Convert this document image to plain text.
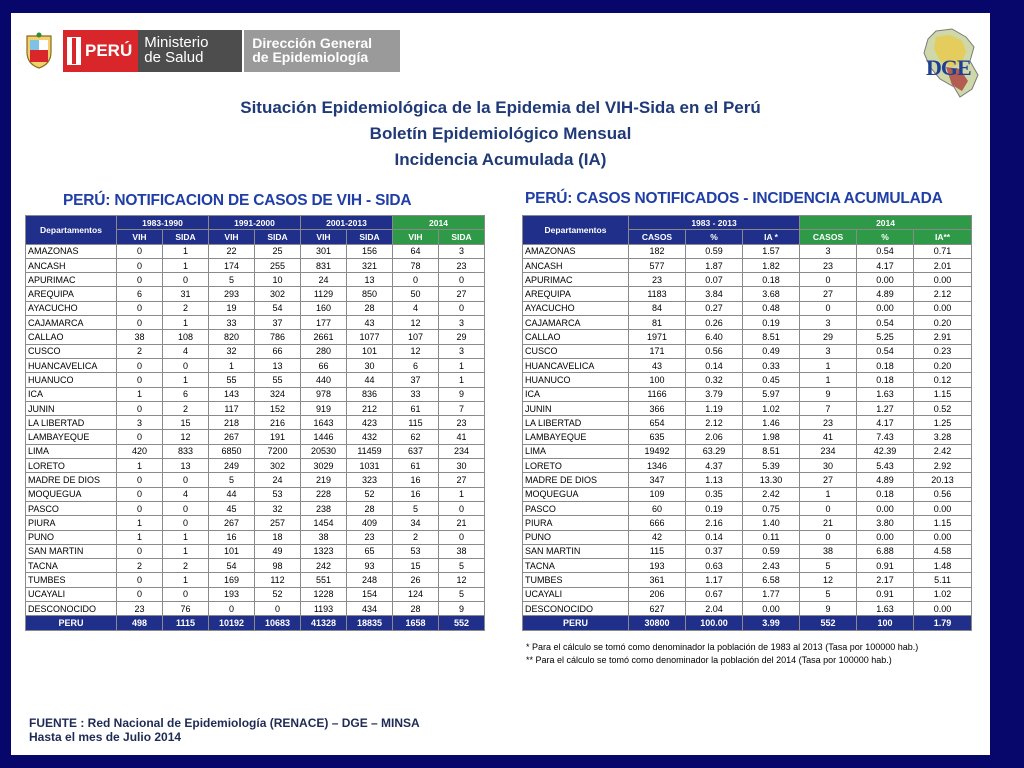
PERÚ Ministerio
de Salud
Dirección General
de Epidemiología	DGE
Situación Epidemiológica de la Epidemia del VIH-Sida en el Perú
Boletín Epidemiológico Mensual
Incidencia Acumulada (IA)
PERÚ: NOTIFICACION DE CASOS DE VIH - SIDA
Departamentos	1983-1990		1991-2000		2001-2013		2014	
	VIH	SIDA	VIH	SIDA	VIH	SIDA	VIH	SIDA
AMAZONAS	0	1	22	25	301	156	64	3
ANCASH	0	1	174	255	831	321	78	23
APURIMAC	0	0	5	10	24	13	0	0
AREQUIPA	6	31	293	302	1129	850	50	27
AYACUCHO	0	2	19	54	160	28	4	0
CAJAMARCA	0	1	33	37	177	43	12	3
CALLAO	38	108	820	786	2661	1077	107	29
CUSCO	2	4	32	66	280	101	12	3
HUANCAVELICA	0	0	1	13	66	30	6	1
HUANUCO	0	1	55	55	440	44	37	1
ICA	1	6	143	324	978	836	33	9
JUNIN	0	2	117	152	919	212	61	7
LA LIBERTAD	3	15	218	216	1643	423	115	23
LAMBAYEQUE	0	12	267	191	1446	432	62	41
LIMA	420	833	6850	7200	20530	11459	637	234
LORETO	1	13	249	302	3029	1031	61	30
MADRE DE DIOS	0	0	5	24	219	323	16	27
MOQUEGUA	0	4	44	53	228	52	16	1
PASCO	0	0	45	32	238	28	5	0
PIURA	1	0	267	257	1454	409	34	21
PUNO	1	1	16	18	38	23	2	0
SAN MARTIN	0	1	101	49	1323	65	53	38
TACNA	2	2	54	98	242	93	15	5
TUMBES	0	1	169	112	551	248	26	12
UCAYALI	0	0	193	52	1228	154	124	5
DESCONOCIDO	23	76	0	0	1193	434	28	9
PERU	498	1115	10192	10683	41328	18835	1658	552
PERÚ: CASOS NOTIFICADOS - INCIDENCIA ACUMULADA
Departamentos	1983 - 2013			2014		
	CASOS	%	IA *	CASOS	%	IA**
AMAZONAS	182	0.59	1.57	3	0.54	0.71
ANCASH	577	1.87	1.82	23	4.17	2.01
APURIMAC	23	0.07	0.18	0	0.00	0.00
AREQUIPA	1183	3.84	3.68	27	4.89	2.12
AYACUCHO	84	0.27	0.48	0	0.00	0.00
CAJAMARCA	81	0.26	0.19	3	0.54	0.20
CALLAO	1971	6.40	8.51	29	5.25	2.91
CUSCO	171	0.56	0.49	3	0.54	0.23
HUANCAVELICA	43	0.14	0.33	1	0.18	0.20
HUANUCO	100	0.32	0.45	1	0.18	0.12
ICA	1166	3.79	5.97	9	1.63	1.15
JUNIN	366	1.19	1.02	7	1.27	0.52
LA LIBERTAD	654	2.12	1.46	23	4.17	1.25
LAMBAYEQUE	635	2.06	1.98	41	7.43	3.28
LIMA	19492	63.29	8.51	234	42.39	2.42
LORETO	1346	4.37	5.39	30	5.43	2.92
MADRE DE DIOS	347	1.13	13.30	27	4.89	20.13
MOQUEGUA	109	0.35	2.42	1	0.18	0.56
PASCO	60	0.19	0.75	0	0.00	0.00
PIURA	666	2.16	1.40	21	3.80	1.15
PUNO	42	0.14	0.11	0	0.00	0.00
SAN MARTIN	115	0.37	0.59	38	6.88	4.58
TACNA	193	0.63	2.43	5	0.91	1.48
TUMBES	361	1.17	6.58	12	2.17	5.11
UCAYALI	206	0.67	1.77	5	0.91	1.02
DESCONOCIDO	627	2.04	0.00	9	1.63	0.00
PERU	30800	100.00	3.99	552	100	1.79
* Para el cálculo se tomó como denominador la población de 1983 al 2013 (Tasa por 100000 hab.)
** Para el cálculo se tomó como denominador la población del 2014 (Tasa por 100000 hab.)
FUENTE : Red Nacional de Epidemiología (RENACE) – DGE – MINSA
Hasta el mes de Julio 2014
